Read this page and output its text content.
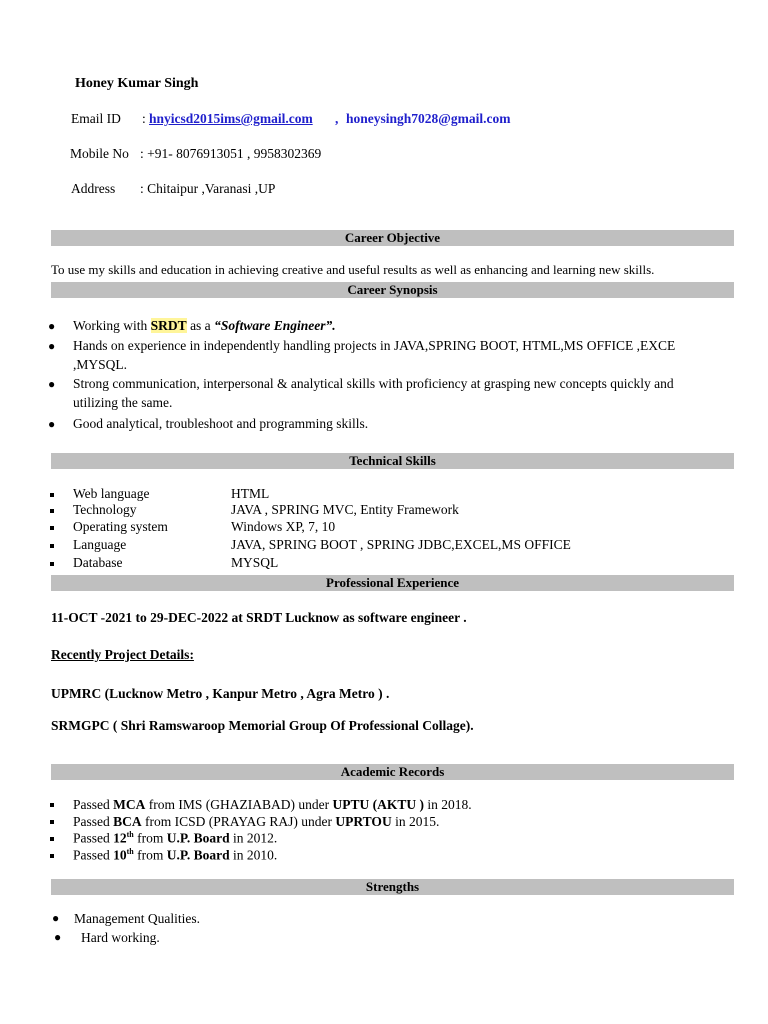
Honey Kumar Singh
Email ID : hnyicsd2015ims@gmail.com , honeysingh7028@gmail.com
Mobile No : +91- 8076913051 , 9958302369
Address : Chitaipur ,Varanasi ,UP
Career Objective
To use my skills and education in achieving creative and useful results as well as enhancing and learning new skills.
Career Synopsis
● Working with SRDT as a “Software Engineer”.
● Hands on experience in independently handling projects in JAVA,SPRING BOOT, HTML,MS OFFICE ,EXCE
,MYSQL.
● Strong communication, interpersonal & analytical skills with proficiency at grasping new concepts quickly and
utilizing the same.
● Good analytical, troubleshoot and programming skills.
Technical Skills
Web language	HTML
Technology	JAVA , SPRING MVC, Entity Framework
Operating system	Windows XP, 7, 10
Language	JAVA, SPRING BOOT , SPRING JDBC,EXCEL,MS OFFICE
Database	MYSQL
Professional Experience
11-OCT -2021 to 29-DEC-2022 at SRDT Lucknow as software engineer .
Recently Project Details:
UPMRC (Lucknow Metro , Kanpur Metro , Agra Metro ) .
SRMGPC ( Shri Ramswaroop Memorial Group Of Professional Collage).
Academic Records
Passed MCA from IMS (GHAZIABAD) under UPTU (AKTU ) in 2018.
Passed BCA from ICSD (PRAYAG RAJ) under UPRTOU in 2015.
Passed 12th from U.P. Board in 2012.
Passed 10th from U.P. Board in 2010.
Strengths
● Management Qualities.
● Hard working.
